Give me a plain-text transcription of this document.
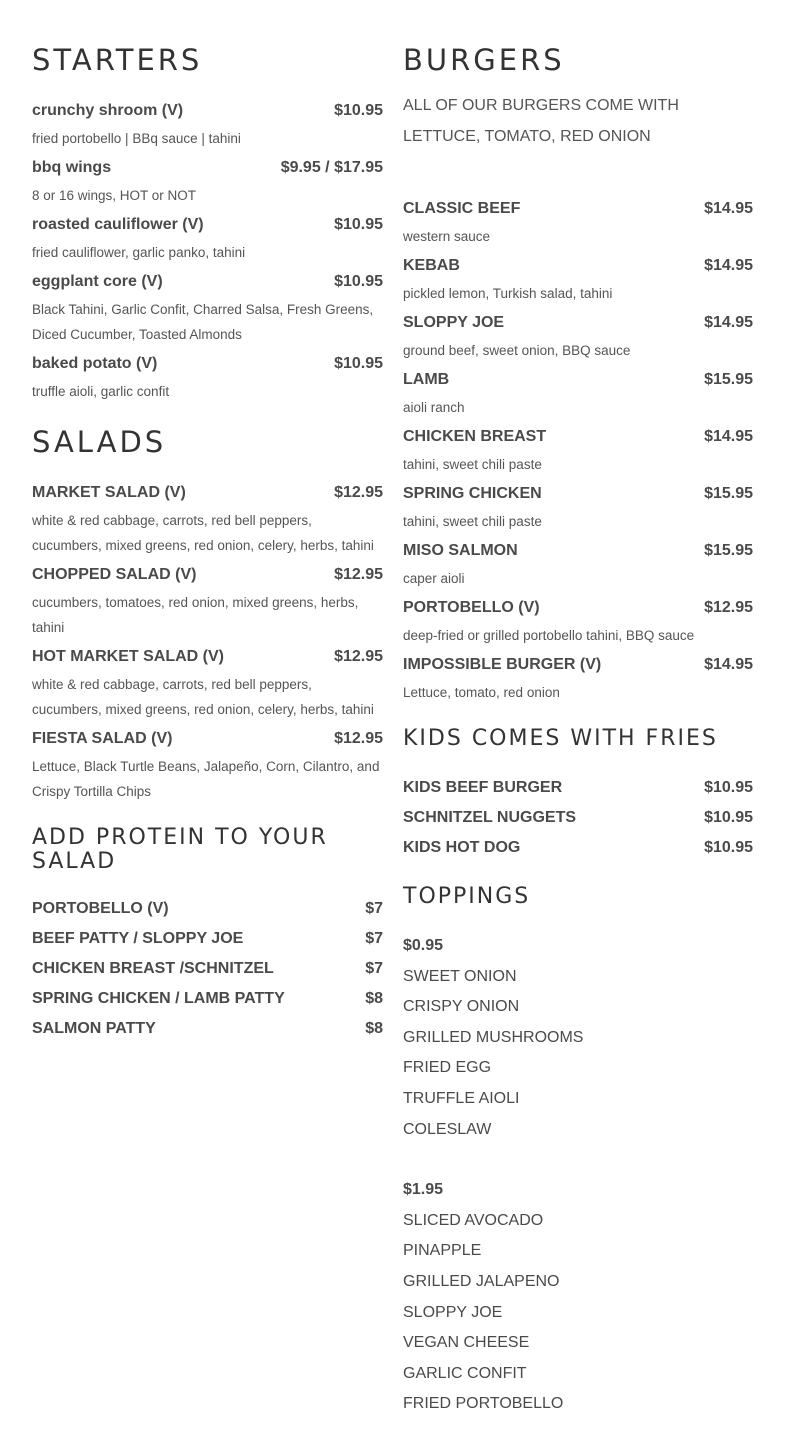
STARTERS
crunchy shroom (V)	$10.95
fried portobello | BBq sauce | tahini
bbq wings	$9.95 / $17.95
8 or 16 wings, HOT or NOT
roasted cauliflower (V)	$10.95
fried cauliflower, garlic panko, tahini
eggplant core (V)	$10.95
Black Tahini, Garlic Confit, Charred Salsa, Fresh Greens, Diced Cucumber, Toasted Almonds
baked potato (V)	$10.95
truffle aioli, garlic confit
SALADS
MARKET SALAD (V)	$12.95
white & red cabbage, carrots, red bell peppers, cucumbers, mixed greens, red onion, celery, herbs, tahini
CHOPPED SALAD (V)	$12.95
cucumbers, tomatoes, red onion, mixed greens, herbs, tahini
HOT MARKET SALAD (V)	$12.95
white & red cabbage, carrots, red bell peppers, cucumbers, mixed greens, red onion, celery, herbs, tahini
FIESTA SALAD (V)	$12.95
Lettuce, Black Turtle Beans, Jalapeño, Corn, Cilantro, and Crispy Tortilla Chips
ADD PROTEIN TO YOUR SALAD
PORTOBELLO (V)	$7
BEEF PATTY / SLOPPY JOE	$7
CHICKEN BREAST /SCHNITZEL	$7
SPRING CHICKEN / LAMB PATTY	$8
SALMON PATTY	$8
BURGERS
ALL OF OUR BURGERS COME WITH LETTUCE, TOMATO, RED ONION
CLASSIC BEEF	$14.95
western sauce
KEBAB	$14.95
pickled lemon, Turkish salad, tahini
SLOPPY JOE	$14.95
ground beef, sweet onion, BBQ sauce
LAMB	$15.95
aioli ranch
CHICKEN BREAST	$14.95
tahini, sweet chili paste
SPRING CHICKEN	$15.95
tahini, sweet chili paste
MISO SALMON	$15.95
caper aioli
PORTOBELLO (V)	$12.95
deep-fried or grilled portobello tahini, BBQ sauce
IMPOSSIBLE BURGER (V)	$14.95
Lettuce, tomato, red onion
KIDS COMES WITH FRIES
KIDS BEEF BURGER	$10.95
SCHNITZEL NUGGETS	$10.95
KIDS HOT DOG	$10.95
TOPPINGS
$0.95
SWEET ONION
CRISPY ONION
GRILLED MUSHROOMS
FRIED EGG
TRUFFLE AIOLI
COLESLAW
$1.95
SLICED AVOCADO
PINAPPLE
GRILLED JALAPENO
SLOPPY JOE
VEGAN CHEESE
GARLIC CONFIT
FRIED PORTOBELLO
